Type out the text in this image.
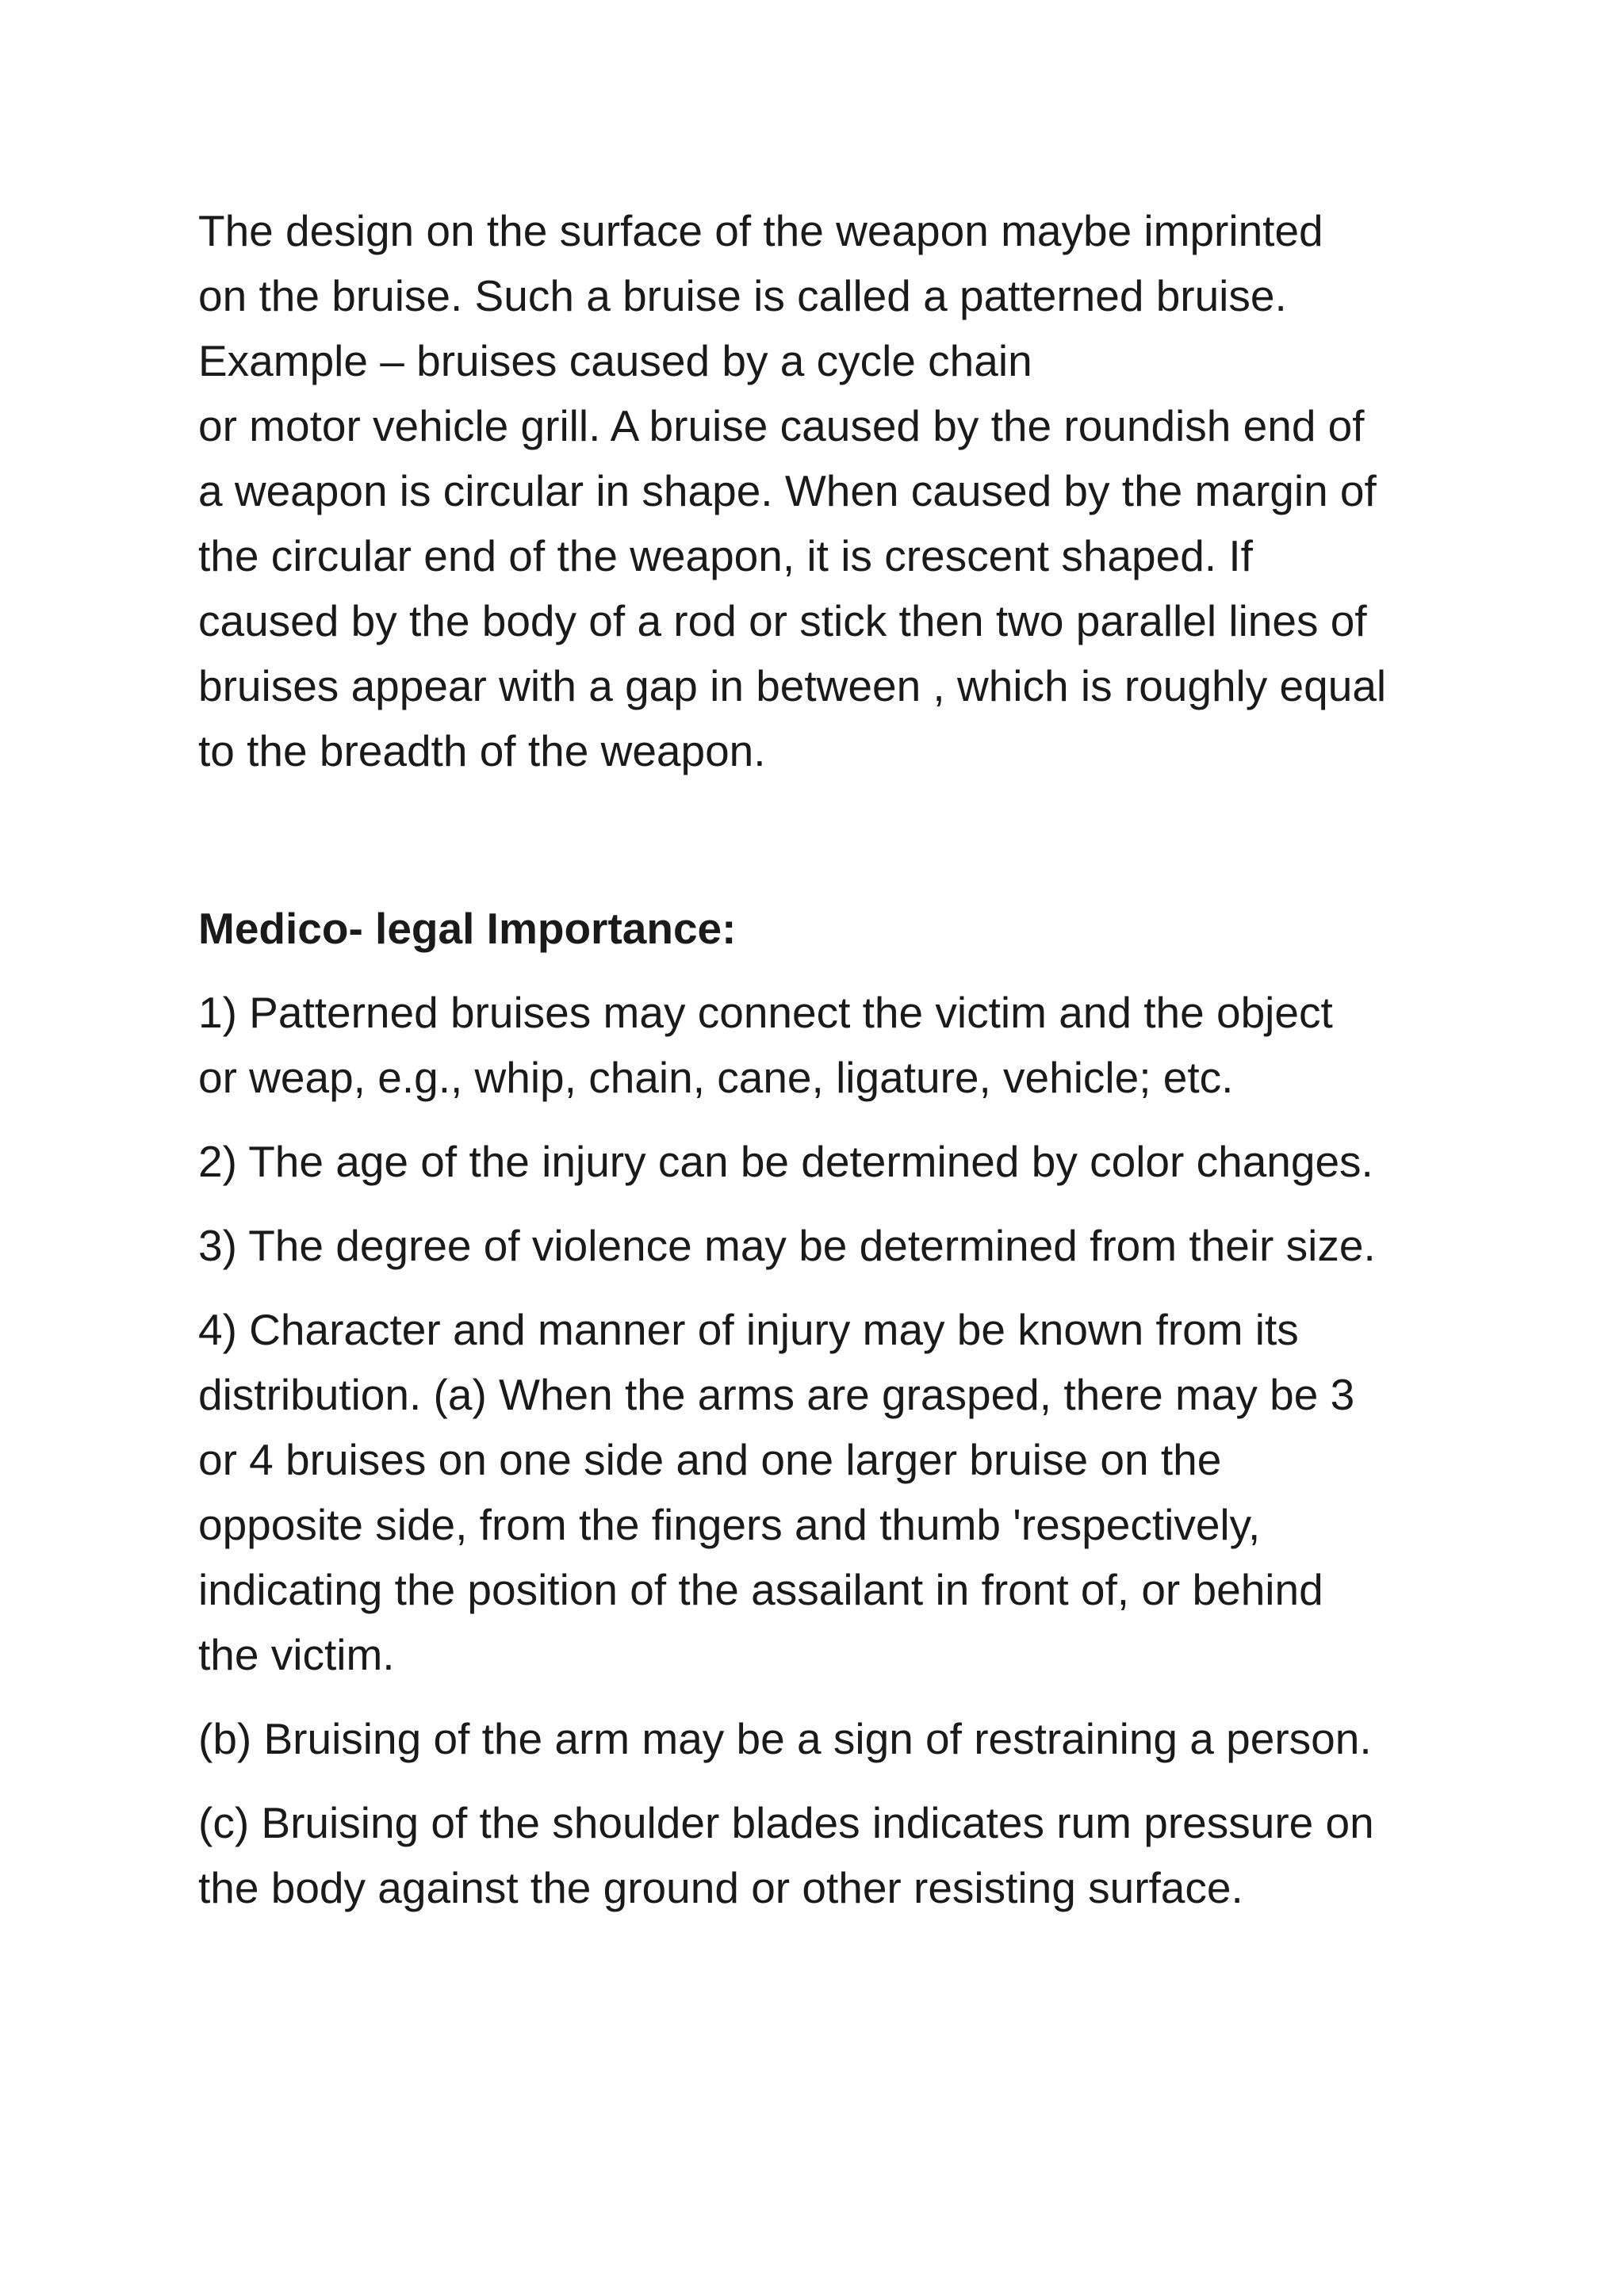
The design on the surface of the weapon maybe imprinted
on the bruise. Such a bruise is called a patterned bruise.
Example – bruises caused by a cycle chain
or motor vehicle grill. A bruise caused by the roundish end of
a weapon is circular in shape. When caused by the margin of
the circular end of the weapon, it is crescent shaped. If
caused by the body of a rod or stick then two parallel lines of
bruises appear with a gap in between , which is roughly equal
to the breadth of the weapon.
Medico- legal Importance:
1) Patterned bruises may connect the victim and the object
or weap, e.g., whip, chain, cane, ligature, vehicle; etc.
2) The age of the injury can be determined by color changes.
3) The degree of violence may be determined from their size.
4) Character and manner of injury may be known from its
distribution. (a) When the arms are grasped, there may be 3
or 4 bruises on one side and one larger bruise on the
opposite side, from the fingers and thumb 'respectively,
indicating the position of the assailant in front of, or behind
the victim.
(b) Bruising of the arm may be a sign of restraining a person.
(c) Bruising of the shoulder blades indicates rum pressure on
the body against the ground or other resisting surface.
